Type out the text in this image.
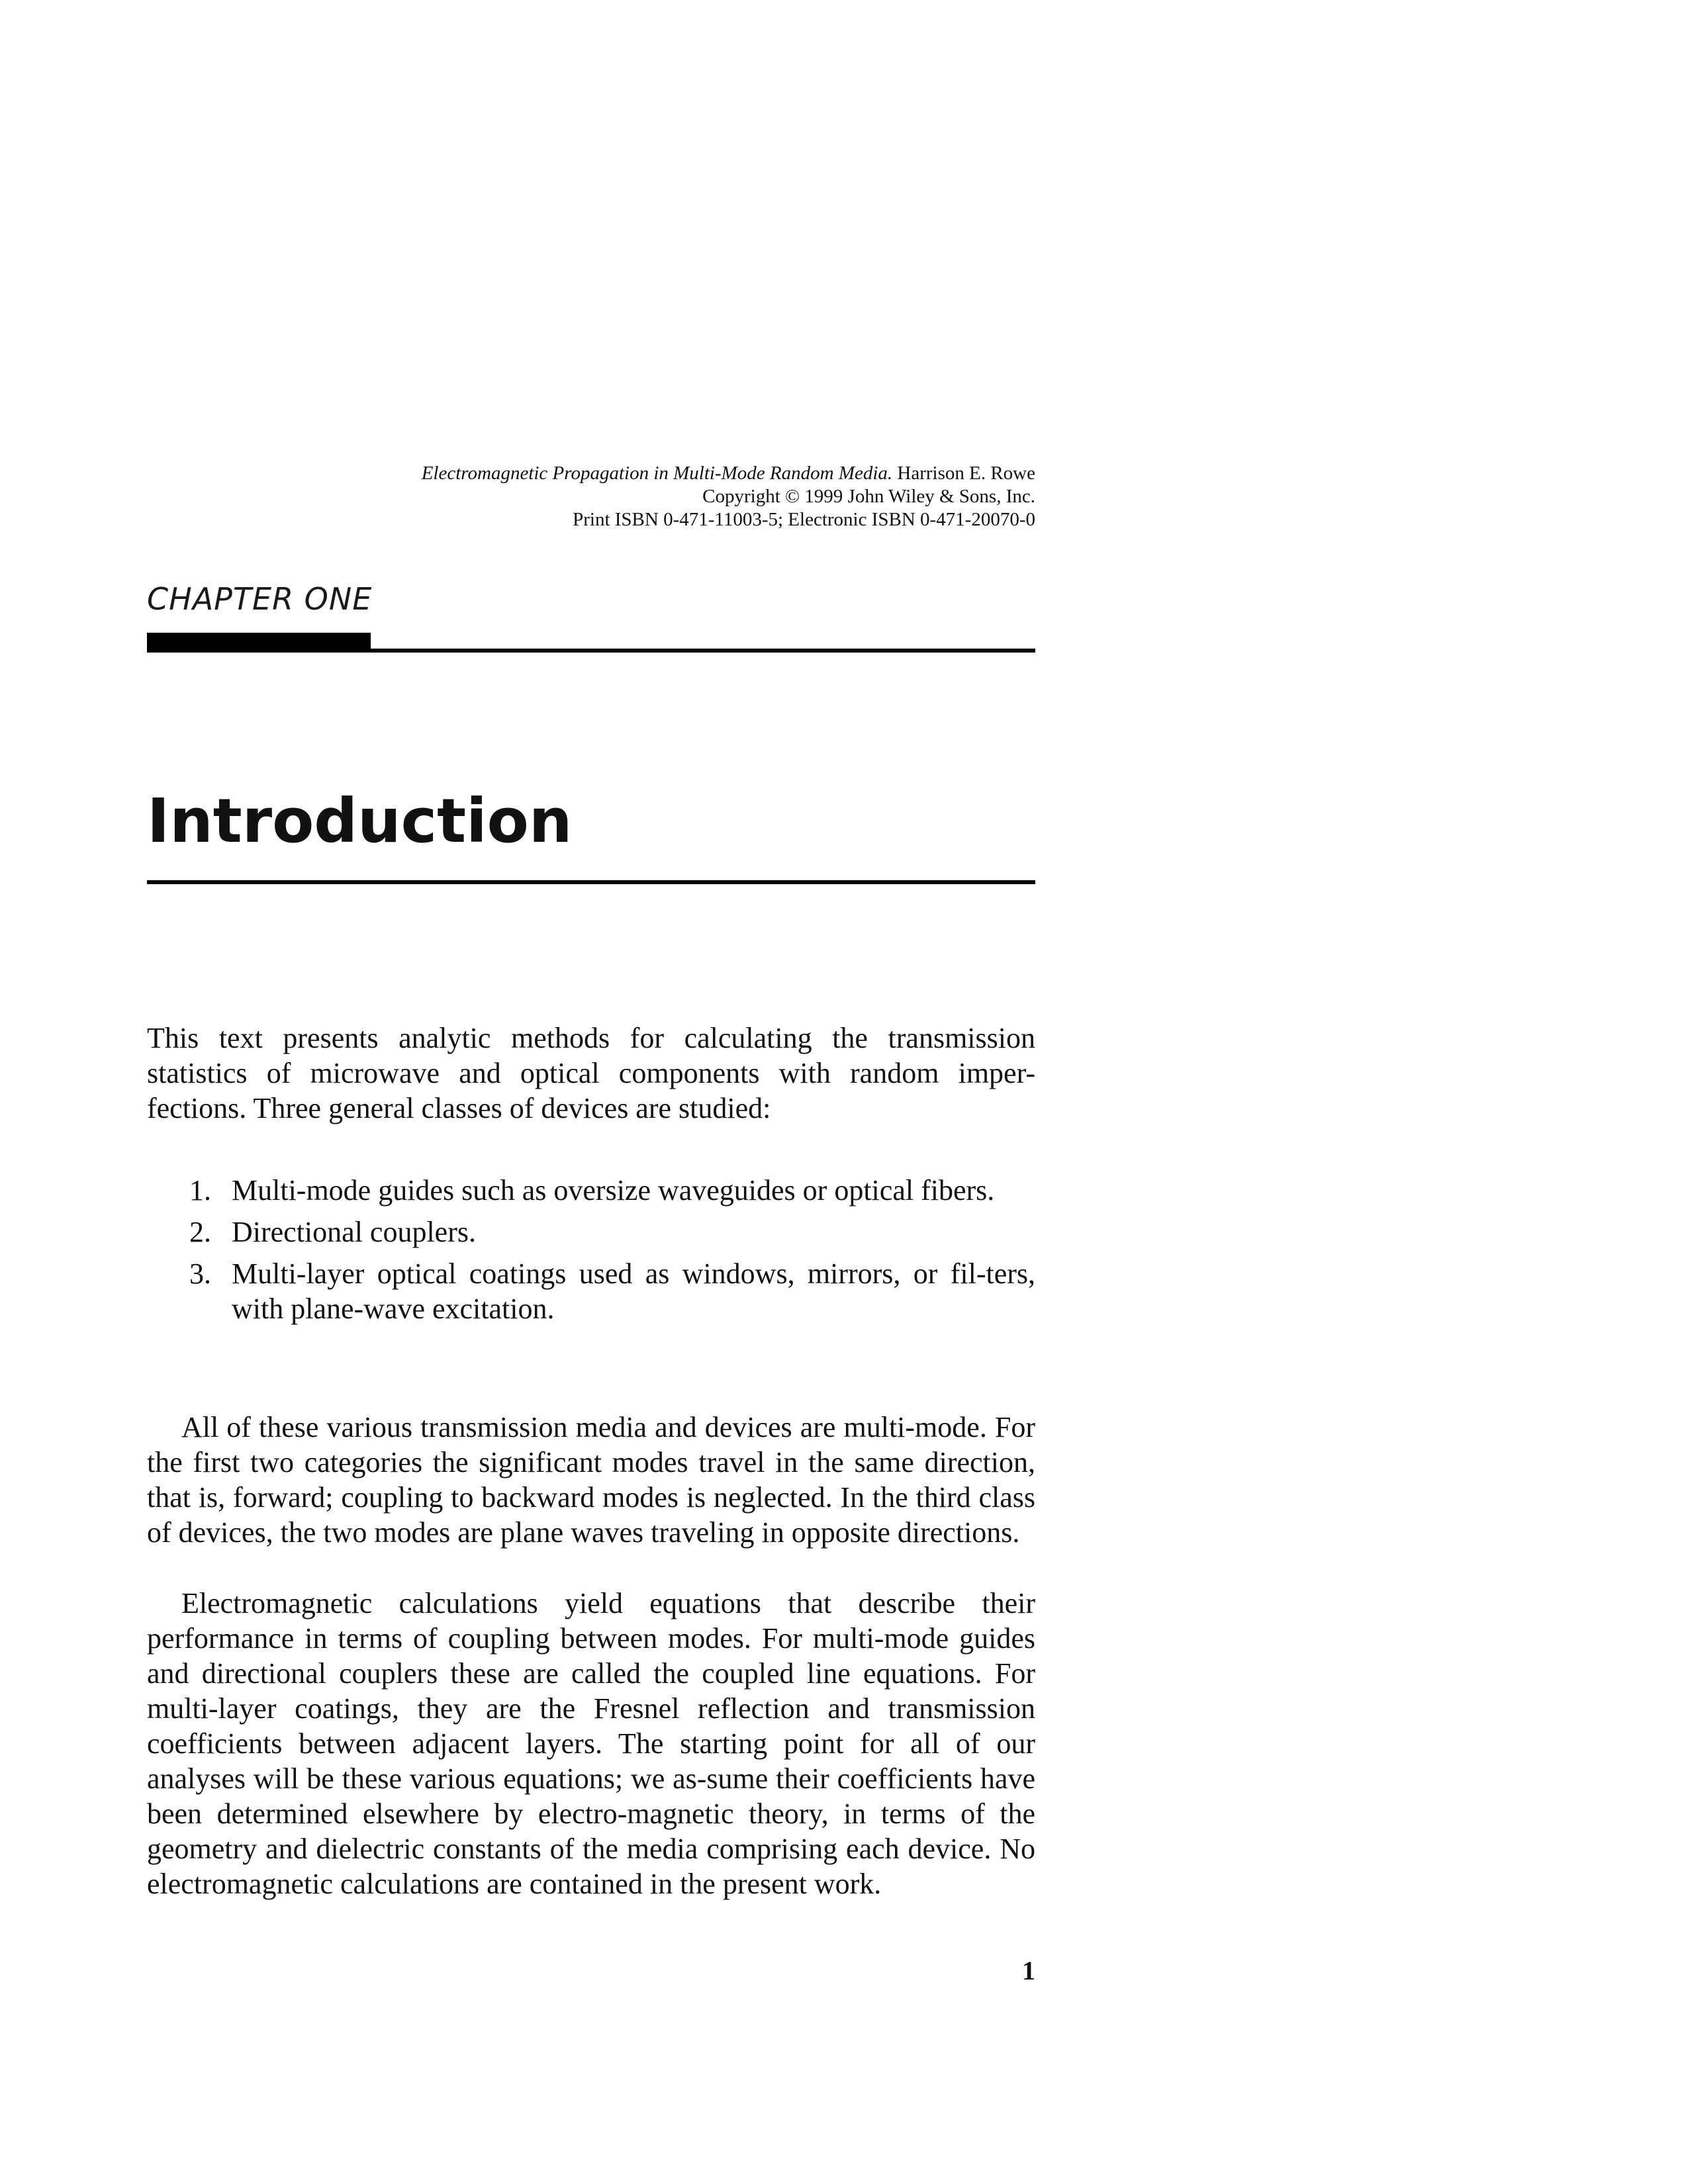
Electromagnetic Propagation in Multi-Mode Random Media. Harrison E. Rowe
Copyright © 1999 John Wiley & Sons, Inc.
Print ISBN 0-471-11003-5; Electronic ISBN 0-471-20070-0
CHAPTER ONE
Introduction

This text presents analytic methods for calculating the transmission statistics of microwave and optical components with random imper-fections. Three general classes of devices are studied:

1. Multi-mode guides such as oversize waveguides or optical fibers.
2. Directional couplers.
3. Multi-layer optical coatings used as windows, mirrors, or fil-ters, with plane-wave excitation.

All of these various transmission media and devices are multi-mode. For the first two categories the significant modes travel in the same direction, that is, forward; coupling to backward modes is neglected. In the third class of devices, the two modes are plane waves traveling in opposite directions.

Electromagnetic calculations yield equations that describe their performance in terms of coupling between modes. For multi-mode guides and directional couplers these are called the coupled line equations. For multi-layer coatings, they are the Fresnel reflection and transmission coefficients between adjacent layers. The starting point for all of our analyses will be these various equations; we as-sume their coefficients have been determined elsewhere by electro-magnetic theory, in terms of the geometry and dielectric constants of the media comprising each device. No electromagnetic calculations are contained in the present work.

1
